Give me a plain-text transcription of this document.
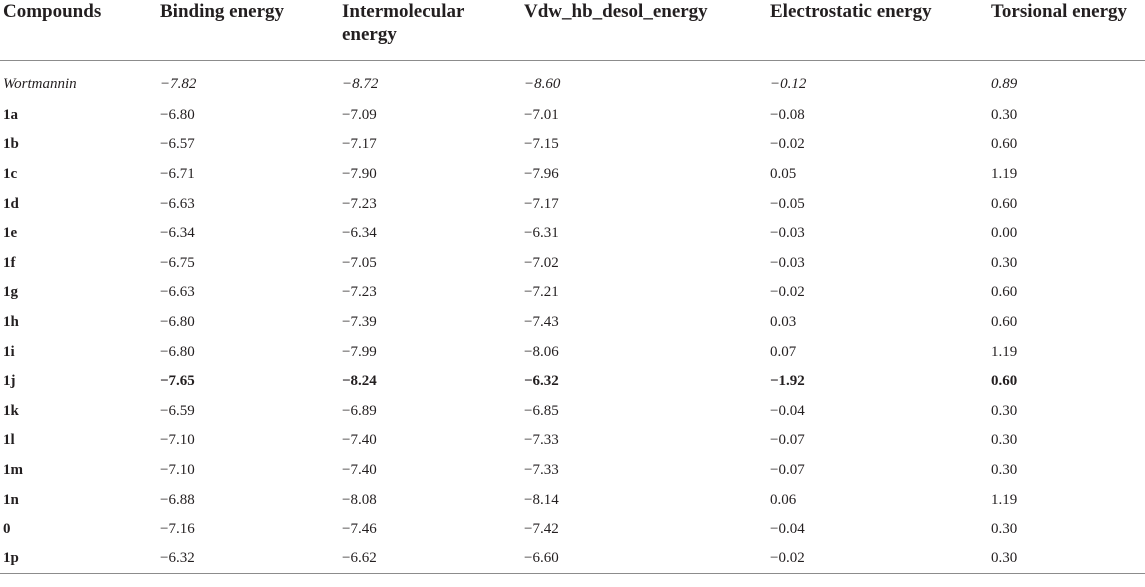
Compounds	Binding energy	Intermolecular energy	Vdw_hb_desol_energy	Electrostatic energy	Torsional energy
Wortmannin	−7.82	−8.72	−8.60	−0.12	0.89
1a	−6.80	−7.09	−7.01	−0.08	0.30
1b	−6.57	−7.17	−7.15	−0.02	0.60
1c	−6.71	−7.90	−7.96	0.05	1.19
1d	−6.63	−7.23	−7.17	−0.05	0.60
1e	−6.34	−6.34	−6.31	−0.03	0.00
1f	−6.75	−7.05	−7.02	−0.03	0.30
1g	−6.63	−7.23	−7.21	−0.02	0.60
1h	−6.80	−7.39	−7.43	0.03	0.60
1i	−6.80	−7.99	−8.06	0.07	1.19
1j	−7.65	−8.24	−6.32	−1.92	0.60
1k	−6.59	−6.89	−6.85	−0.04	0.30
1l	−7.10	−7.40	−7.33	−0.07	0.30
1m	−7.10	−7.40	−7.33	−0.07	0.30
1n	−6.88	−8.08	−8.14	0.06	1.19
0	−7.16	−7.46	−7.42	−0.04	0.30
1p	−6.32	−6.62	−6.60	−0.02	0.30
